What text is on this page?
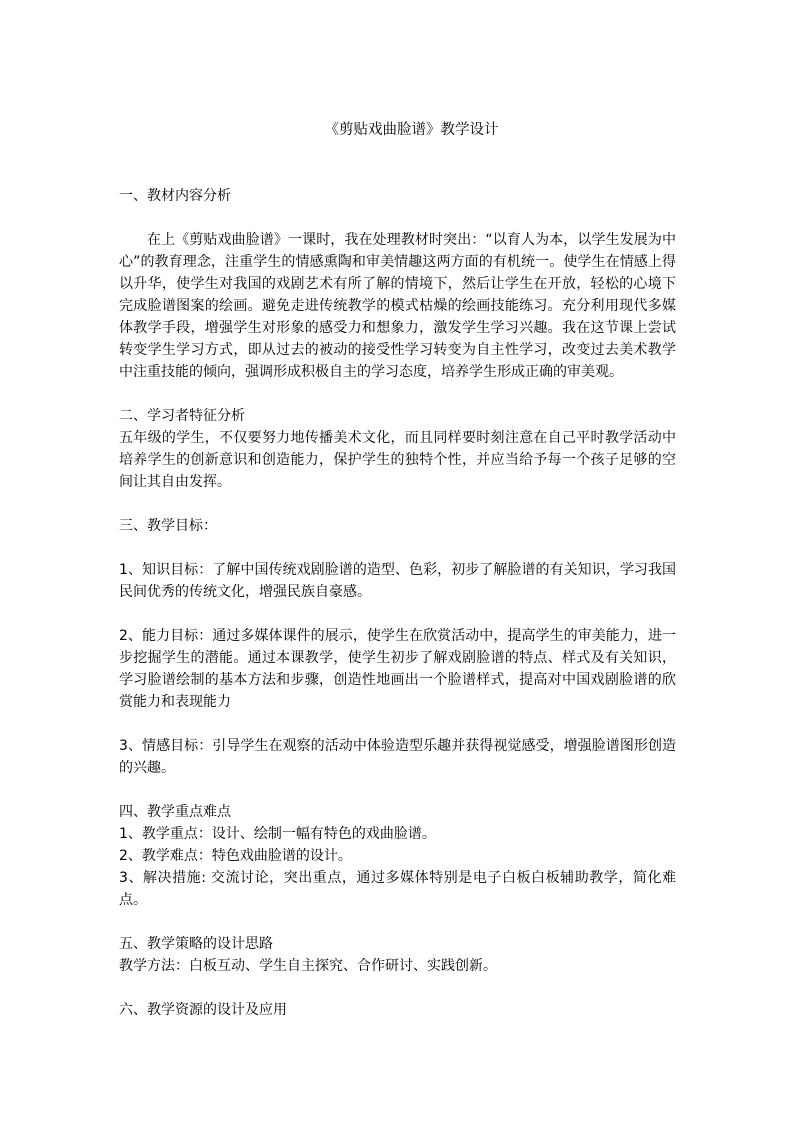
《剪贴戏曲脸谱》教学设计
一、教材内容分析

在上《剪贴戏曲脸谱》一课时，我在处理教材时突出：“以育人为本，以学生发展为中心”的教育理念，注重学生的情感熏陶和审美情趣这两方面的有机统一。使学生在情感上得以升华，使学生对我国的戏剧艺术有所了解的情境下，然后让学生在开放，轻松的心境下完成脸谱图案的绘画。避免走进传统教学的模式枯燥的绘画技能练习。充分利用现代多媒体教学手段，增强学生对形象的感受力和想象力，激发学生学习兴趣。我在这节课上尝试转变学生学习方式，即从过去的被动的接受性学习转变为自主性学习，改变过去美术教学中注重技能的倾向，强调形成积极自主的学习态度，培养学生形成正确的审美观。

二、学习者特征分析

五年级的学生，不仅要努力地传播美术文化，而且同样要时刻注意在自己平时教学活动中培养学生的创新意识和创造能力，保护学生的独特个性，并应当给予每一个孩子足够的空间让其自由发挥。

三、教学目标：

1、知识目标：了解中国传统戏剧脸谱的造型、色彩，初步了解脸谱的有关知识，学习我国民间优秀的传统文化，增强民族自豪感。

2、能力目标：通过多媒体课件的展示，使学生在欣赏活动中，提高学生的审美能力，进一步挖掘学生的潜能。通过本课教学，使学生初步了解戏剧脸谱的特点、样式及有关知识，学习脸谱绘制的基本方法和步骤，创造性地画出一个脸谱样式，提高对中国戏剧脸谱的欣赏能力和表现能力

3、情感目标：引导学生在观察的活动中体验造型乐趣并获得视觉感受，增强脸谱图形创造的兴趣。

四、教学重点难点

1、教学重点：设计、绘制一幅有特色的戏曲脸谱。

2、教学难点：特色戏曲脸谱的设计。

3、解决措施: 交流讨论，突出重点，通过多媒体特别是电子白板白板辅助教学，简化难点。

五、教学策略的设计思路

教学方法：白板互动、学生自主探究、合作研讨、实践创新。

六、教学资源的设计及应用
